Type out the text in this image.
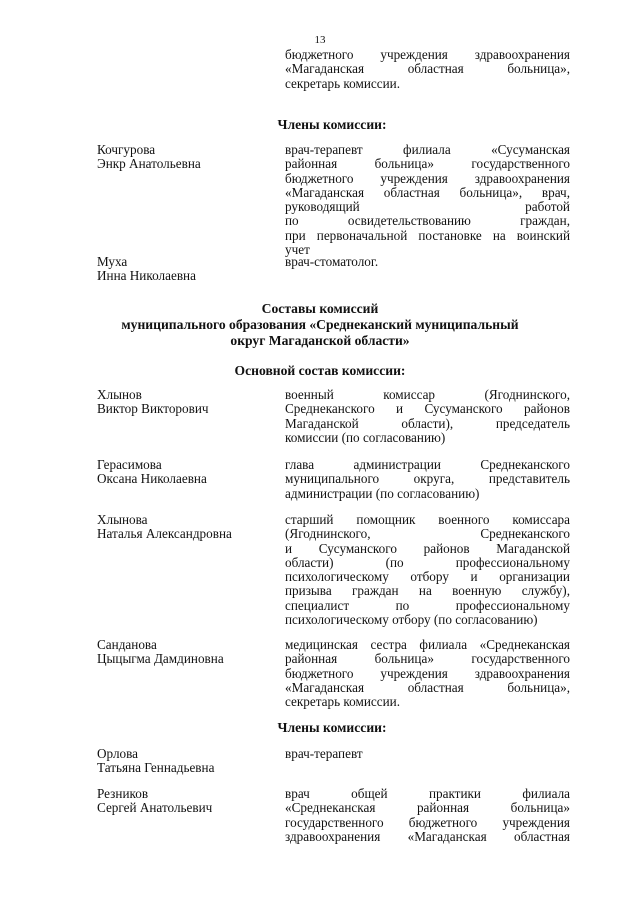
13
бюджетного учреждения здравоохранения
«Магаданская областная больница»,
секретарь комиссии.
Члены комиссии:
Кочгурова
Энкр Анатольевна
врач-терапевт филиала «Сусуманская
районная больница» государственного
бюджетного учреждения здравоохранения
«Магаданская областная больница», врач,
руководящий работой
по освидетельствованию граждан,
при первоначальной постановке на воинский
учет
Муха
Инна Николаевна
врач-стоматолог.
Составы комиссий
муниципального образования «Среднеканский муниципальный
округ Магаданской области»
Основной состав комиссии:
Хлынов
Виктор Викторович
военный комиссар (Ягоднинского,
Среднеканского и Сусуманского районов
Магаданской области), председатель
комиссии (по согласованию)
Герасимова
Оксана Николаевна
глава администрации Среднеканского
муниципального округа, представитель
администрации (по согласованию)
Хлынова
Наталья Александровна
старший помощник военного комиссара
(Ягоднинского, Среднеканского
и Сусуманского районов Магаданской
области) (по профессиональному
психологическому отбору и организации
призыва граждан на военную службу),
специалист по профессиональному
психологическому отбору (по согласованию)
Санданова
Цыцыгма Дамдиновна
медицинская сестра филиала «Среднеканская
районная больница» государственного
бюджетного учреждения здравоохранения
«Магаданская областная больница»,
секретарь комиссии.
Члены комиссии:
Орлова
Татьяна Геннадьевна
врач-терапевт
Резников
Сергей Анатольевич
врач общей практики филиала
«Среднеканская районная больница»
государственного бюджетного учреждения
здравоохранения «Магаданская областная
